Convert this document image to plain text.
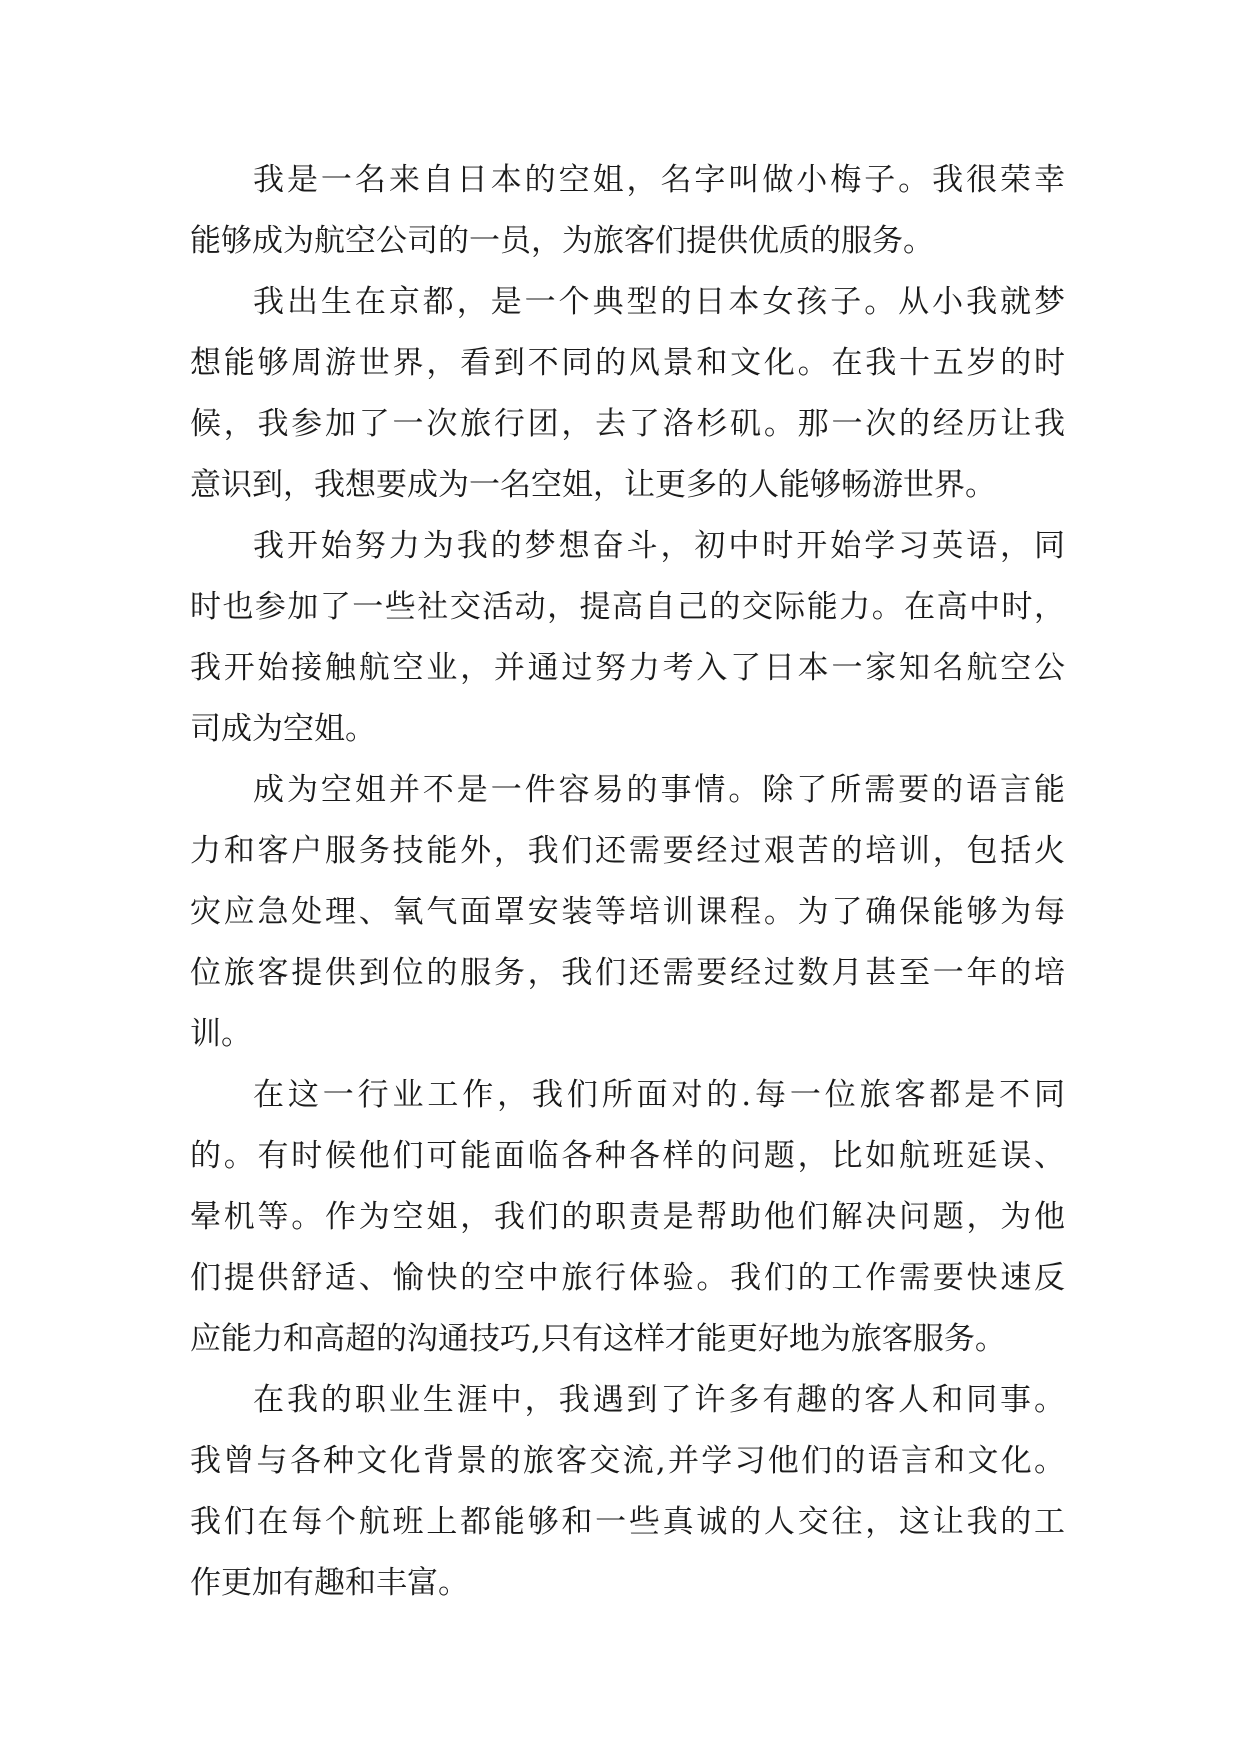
我是一名来自日本的空姐，名字叫做小梅子。我很荣幸
能够成为航空公司的一员，为旅客们提供优质的服务。
我出生在京都，是一个典型的日本女孩子。从小我就梦
想能够周游世界，看到不同的风景和文化。在我十五岁的时
候，我参加了一次旅行团，去了洛杉矶。那一次的经历让我
意识到，我想要成为一名空姐，让更多的人能够畅游世界。
我开始努力为我的梦想奋斗，初中时开始学习英语，同
时也参加了一些社交活动，提高自己的交际能力。在高中时，
我开始接触航空业，并通过努力考入了日本一家知名航空公
司成为空姐。
成为空姐并不是一件容易的事情。除了所需要的语言能
力和客户服务技能外，我们还需要经过艰苦的培训，包括火
灾应急处理、氧气面罩安装等培训课程。为了确保能够为每
位旅客提供到位的服务，我们还需要经过数月甚至一年的培
训。
在这一行业工作，我们所面对的.每一位旅客都是不同
的。有时候他们可能面临各种各样的问题，比如航班延误、
晕机等。作为空姐，我们的职责是帮助他们解决问题，为他
们提供舒适、愉快的空中旅行体验。我们的工作需要快速反
应能力和高超的沟通技巧,只有这样才能更好地为旅客服务。
在我的职业生涯中，我遇到了许多有趣的客人和同事。
我曾与各种文化背景的旅客交流,并学习他们的语言和文化。
我们在每个航班上都能够和一些真诚的人交往，这让我的工
作更加有趣和丰富。
